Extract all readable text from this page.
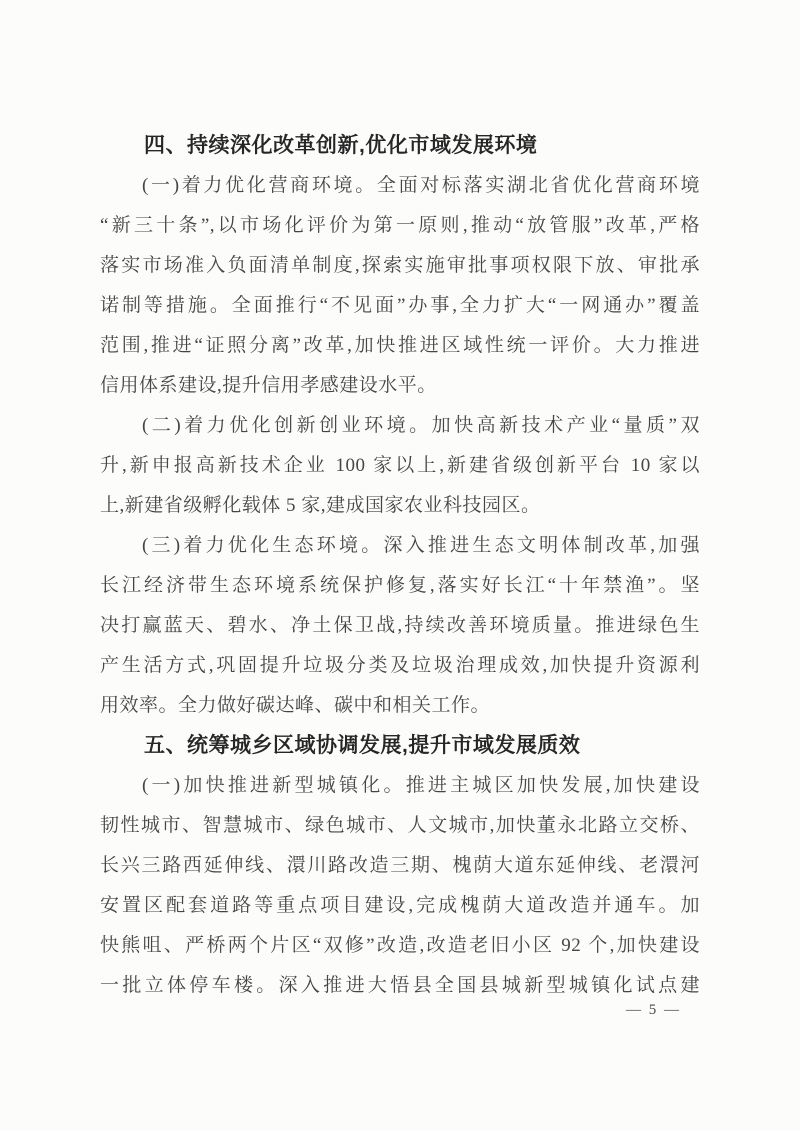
四、持续深化改革创新,优化市域发展环境
(一)着力优化营商环境。全面对标落实湖北省优化营商环境
“新三十条”,以市场化评价为第一原则,推动“放管服”改革,严格
落实市场准入负面清单制度,探索实施审批事项权限下放、审批承
诺制等措施。全面推行“不见面”办事,全力扩大“一网通办”覆盖
范围,推进“证照分离”改革,加快推进区域性统一评价。大力推进
信用体系建设,提升信用孝感建设水平。
(二)着力优化创新创业环境。加快高新技术产业“量质”双
升,新申报高新技术企业 100 家以上,新建省级创新平台 10 家以
上,新建省级孵化载体 5 家,建成国家农业科技园区。
(三)着力优化生态环境。深入推进生态文明体制改革,加强
长江经济带生态环境系统保护修复,落实好长江“十年禁渔”。坚
决打赢蓝天、碧水、净土保卫战,持续改善环境质量。推进绿色生
产生活方式,巩固提升垃圾分类及垃圾治理成效,加快提升资源利
用效率。全力做好碳达峰、碳中和相关工作。
五、统筹城乡区域协调发展,提升市域发展质效
(一)加快推进新型城镇化。推进主城区加快发展,加快建设
韧性城市、智慧城市、绿色城市、人文城市,加快董永北路立交桥、
长兴三路西延伸线、澴川路改造三期、槐荫大道东延伸线、老澴河
安置区配套道路等重点项目建设,完成槐荫大道改造并通车。加
快熊咀、严桥两个片区“双修”改造,改造老旧小区 92 个,加快建设
一批立体停车楼。深入推进大悟县全国县城新型城镇化试点建
— 5 —
